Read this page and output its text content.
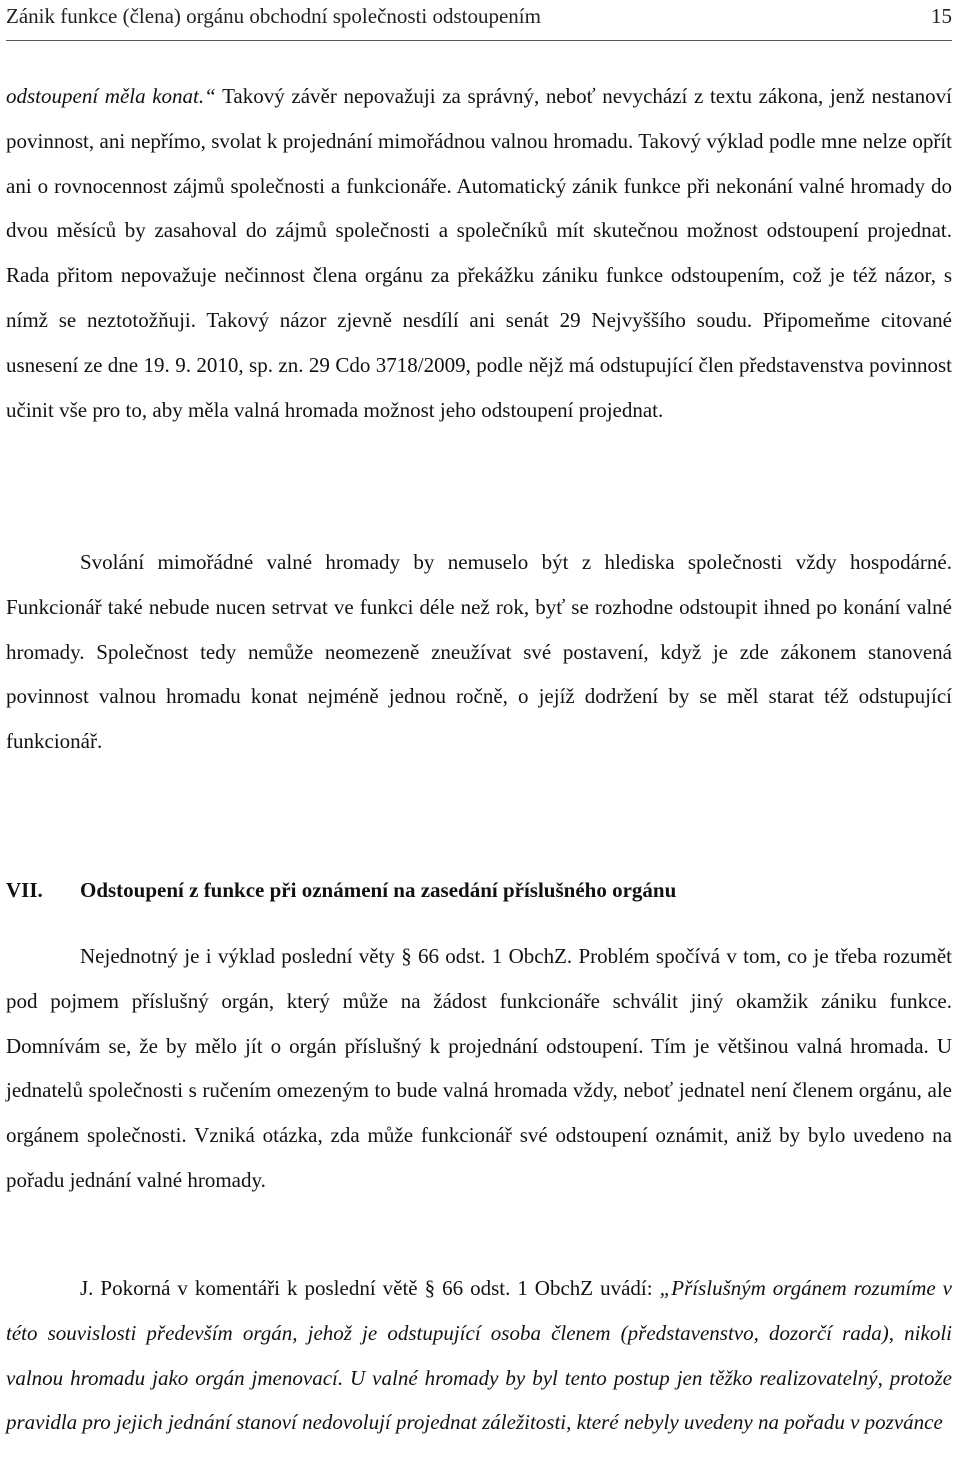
Zánik funkce (člena) orgánu obchodní společnosti odstoupením	15

odstoupení měla konat.“ Takový závěr nepovažuji za správný, neboť nevychází z textu zákona, jenž nestanoví povinnost, ani nepřímo, svolat k projednání mimořádnou valnou hromadu. Takový výklad podle mne nelze opřít ani o rovnocennost zájmů společnosti a funkcionáře. Automatický zánik funkce při nekonání valné hromady do dvou měsíců by zasahoval do zájmů společnosti a společníků mít skutečnou možnost odstoupení projednat. Rada přitom nepovažuje nečinnost člena orgánu za překážku zániku funkce odstoupením, což je též názor, s nímž se neztotožňuji. Takový názor zjevně nesdílí ani senát 29 Nejvyššího soudu. Připomeňme citované usnesení ze dne 19. 9. 2010, sp. zn. 29 Cdo 3718/2009, podle nějž má odstupující člen představenstva povinnost učinit vše pro to, aby měla valná hromada možnost jeho odstoupení projednat.

Svolání mimořádné valné hromady by nemuselo být z hlediska společnosti vždy hospodárné. Funkcionář také nebude nucen setrvat ve funkci déle než rok, byť se rozhodne odstoupit ihned po konání valné hromady. Společnost tedy nemůže neomezeně zneužívat své postavení, když je zde zákonem stanovená povinnost valnou hromadu konat nejméně jednou ročně, o jejíž dodržení by se měl starat též odstupující funkcionář.

VII.	Odstoupení z funkce při oznámení na zasedání příslušného orgánu

Nejednotný je i výklad poslední věty § 66 odst. 1 ObchZ. Problém spočívá v tom, co je třeba rozumět pod pojmem příslušný orgán, který může na žádost funkcionáře schválit jiný okamžik zániku funkce. Domnívám se, že by mělo jít o orgán příslušný k projednání odstoupení. Tím je většinou valná hromada. U jednatelů společnosti s ručením omezeným to bude valná hromada vždy, neboť jednatel není členem orgánu, ale orgánem společnosti. Vzniká otázka, zda může funkcionář své odstoupení oznámit, aniž by bylo uvedeno na pořadu jednání valné hromady.

J. Pokorná v komentáři k poslední větě § 66 odst. 1 ObchZ uvádí: „Příslušným orgánem rozumíme v této souvislosti především orgán, jehož je odstupující osoba členem (představenstvo, dozorčí rada), nikoli valnou hromadu jako orgán jmenovací. U valné hromady by byl tento postup jen těžko realizovatelný, protože pravidla pro jejich jednání stanoví nedovolují projednat záležitosti, které nebyly uvedeny na pořadu v pozvánce
